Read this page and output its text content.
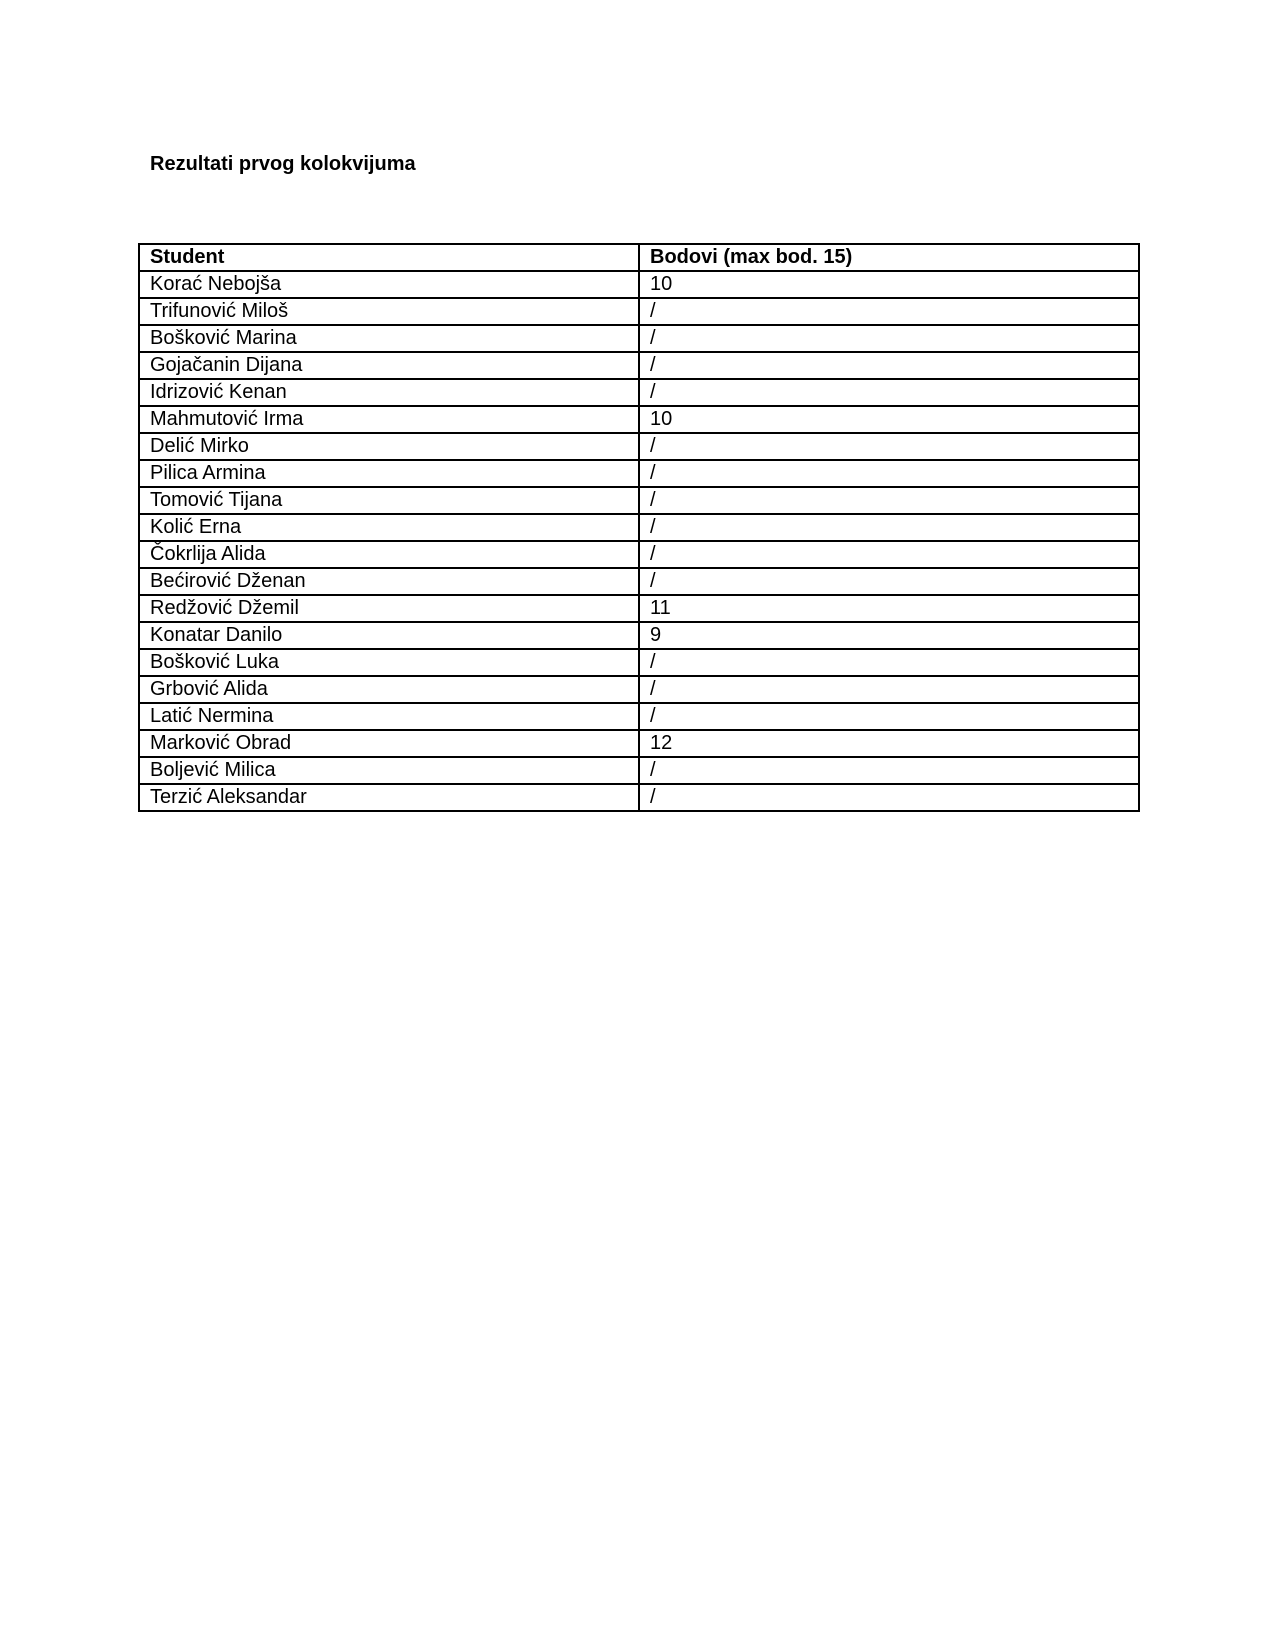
Rezultati prvog kolokvijuma
Student	Bodovi (max bod. 15)
Korać Nebojša	10
Trifunović Miloš	/
Bošković Marina	/
Gojačanin Dijana	/
Idrizović Kenan	/
Mahmutović Irma	10
Delić Mirko	/
Pilica Armina	/
Tomović Tijana	/
Kolić Erna	/
Čokrlija Alida	/
Bećirović Dženan	/
Redžović Džemil	11
Konatar Danilo	9
Bošković Luka	/
Grbović Alida	/
Latić Nermina	/
Marković Obrad	12
Boljević Milica	/
Terzić Aleksandar	/
